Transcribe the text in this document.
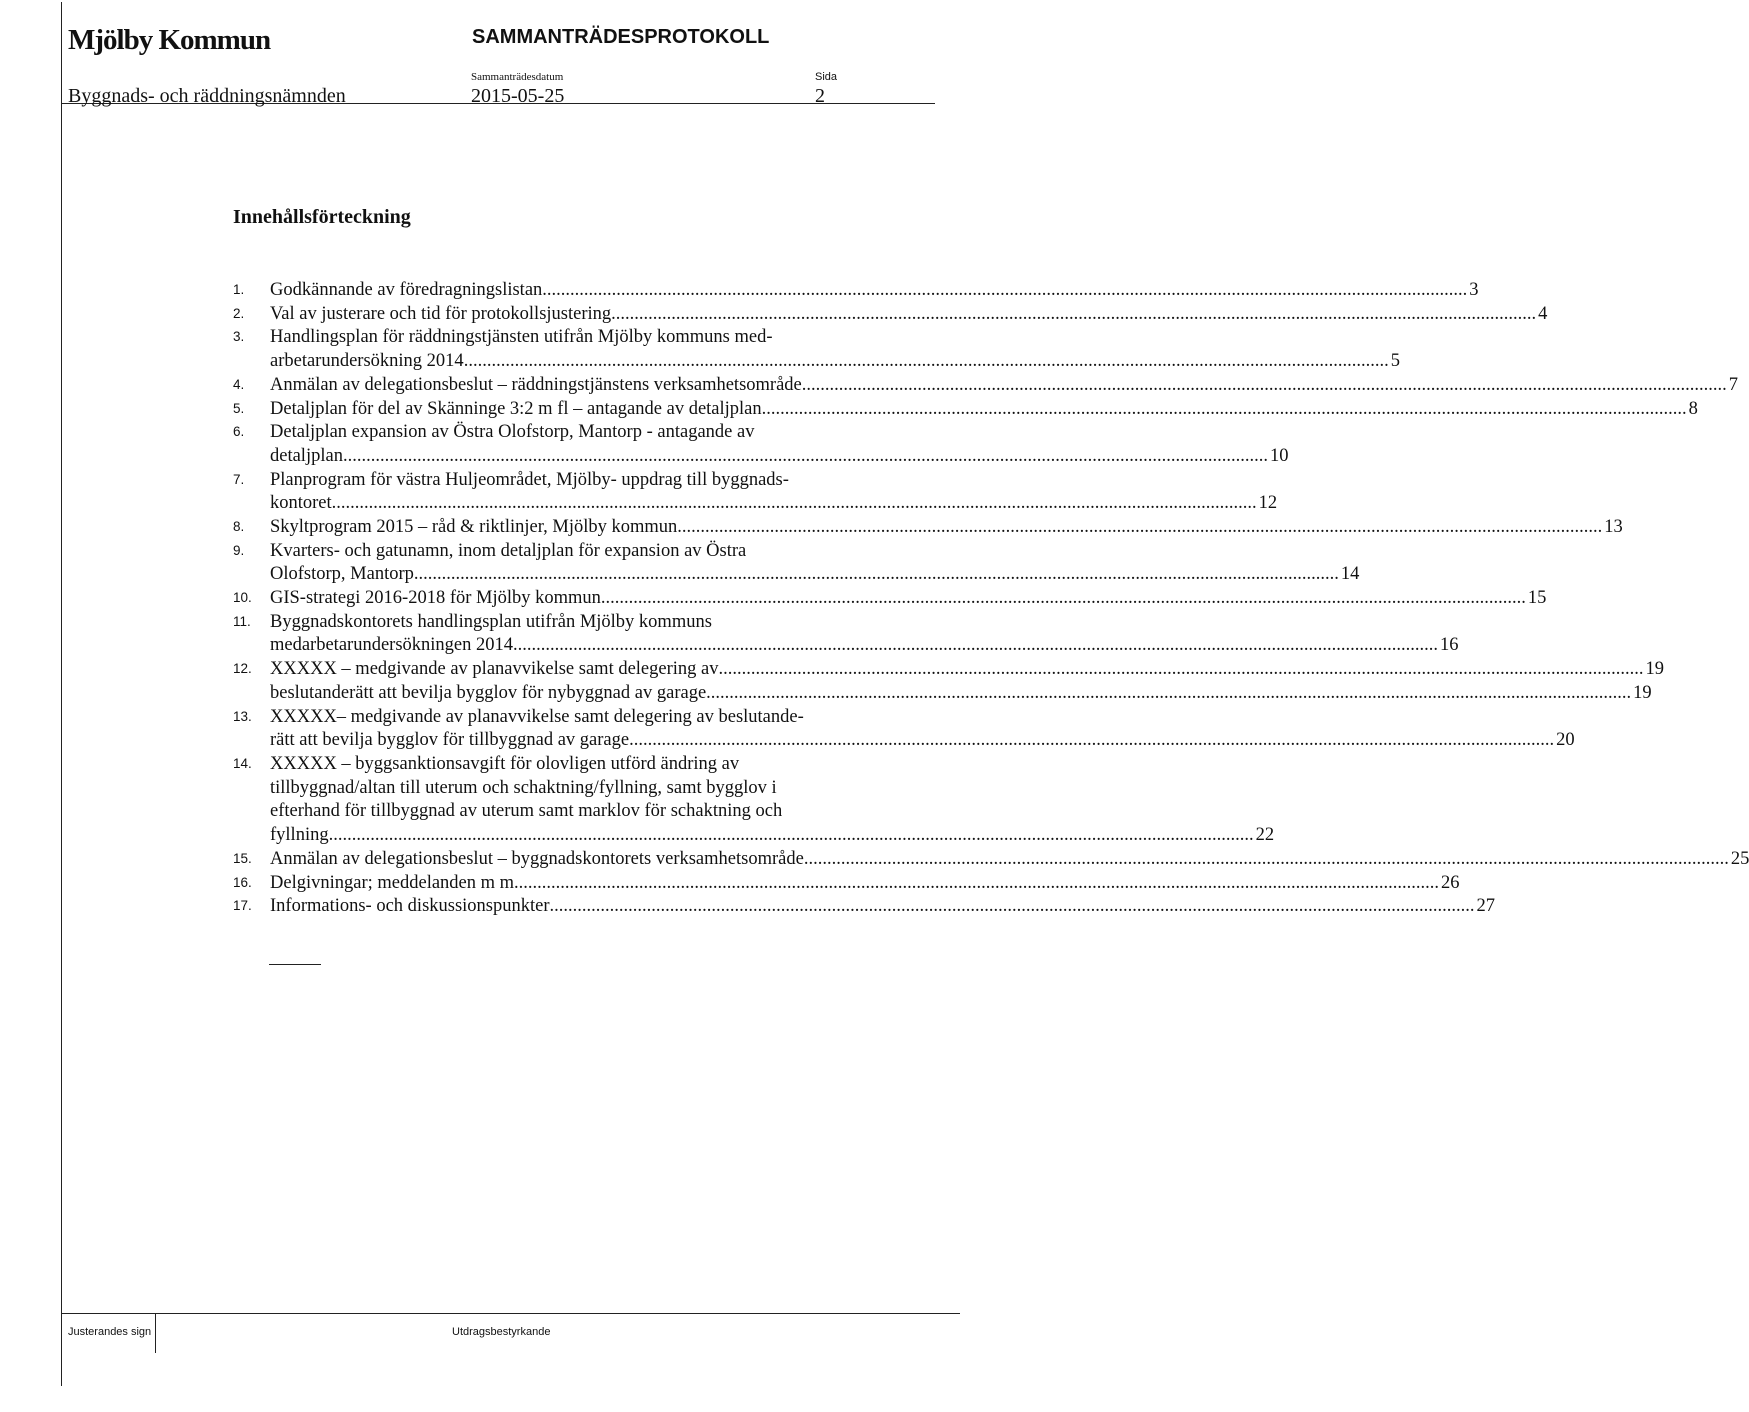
Mjölby Kommun	SAMMANTRÄDESPROTOKOLL
Sammanträdesdatum	Sida
Byggnads- och räddningsnämnden	2015-05-25	2
Innehållsförteckning
1.	Godkännande av föredragningslistan ........................................................................................................................................................................................................ 3
2.	Val av justerare och tid för protokollsjustering ........................................................................................................................................................................................................ 4
3.	Handlingsplan för räddningstjänsten utifrån Mjölby kommuns med-
arbetarundersökning 2014 ........................................................................................................................................................................................................ 5
4.	Anmälan av delegationsbeslut – räddningstjänstens verksamhetsområde ........................................................................................................................................................................................................ 7
5.	Detaljplan för del av Skänninge 3:2 m fl – antagande av detaljplan ........................................................................................................................................................................................................ 8
6.	Detaljplan expansion av Östra Olofstorp, Mantorp - antagande av
detaljplan ........................................................................................................................................................................................................ 10
7.	Planprogram för västra Huljeområdet, Mjölby- uppdrag till byggnads-
kontoret ........................................................................................................................................................................................................ 12
8.	Skyltprogram 2015 – råd & riktlinjer, Mjölby kommun ........................................................................................................................................................................................................ 13
9.	Kvarters- och gatunamn, inom detaljplan för expansion av Östra
Olofstorp, Mantorp ........................................................................................................................................................................................................ 14
10. GIS-strategi 2016-2018 för Mjölby kommun ........................................................................................................................................................................................................ 15
11.	Byggnadskontorets handlingsplan utifrån Mjölby kommuns
medarbetarundersökningen 2014 ........................................................................................................................................................................................................ 16
12. XXXXX – medgivande av planavvikelse samt delegering av ........................................................................................................................................................................................................ 19
beslutanderätt att bevilja bygglov för nybyggnad av garage ........................................................................................................................................................................................................ 19
13. XXXXX– medgivande av planavvikelse samt delegering av beslutande-
rätt att bevilja bygglov för tillbyggnad av garage ........................................................................................................................................................................................................ 20
14. XXXXX – byggsanktionsavgift för olovligen utförd ändring av
tillbyggnad/altan till uterum och schaktning/fyllning, samt bygglov i
efterhand för tillbyggnad av uterum samt marklov för schaktning och
fyllning ........................................................................................................................................................................................................ 22
15. Anmälan av delegationsbeslut – byggnadskontorets verksamhetsområde ........................................................................................................................................................................................................ 25
16. Delgivningar; meddelanden m m ........................................................................................................................................................................................................ 26
17. Informations- och diskussionspunkter ........................................................................................................................................................................................................ 27
Justerandes sign	Utdragsbestyrkande
